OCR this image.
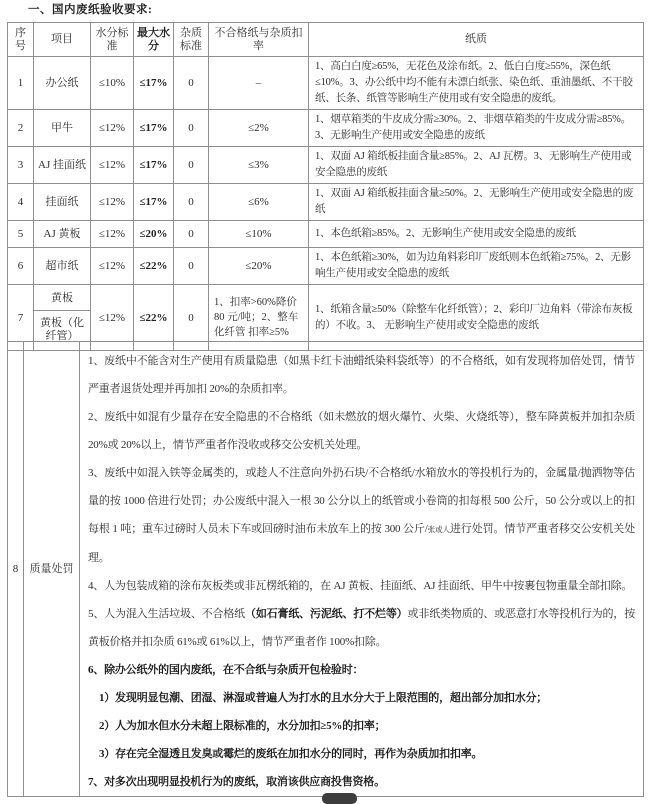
一、国内废纸验收要求:
序号	项目	水分标准	最大水分	杂质标准	不合格纸与杂质扣率	纸质
1	办公纸	≤10%	≤17%	0	–	1、高白白度≥65%，无花色及涂布纸。2、低白白度≥55%，深色纸≤10%。3、办公纸中均不能有未漂白纸张、染色纸、重油墨纸、不干胶纸、长条、纸管等影响生产使用或有安全隐患的废纸。
2	甲牛	≤12%	≤17%	0	≤2%	1、烟草箱类的牛皮成分需≥30%。2、非烟草箱类的牛皮成分需≥85%。3、无影响生产使用或安全隐患的废纸
3	AJ 挂面纸	≤12%	≤17%	0	≤3%	1、双面 AJ 箱纸板挂面含量≥85%。2、AJ 瓦楞。3、无影响生产使用或安全隐患的废纸
4	挂面纸	≤12%	≤17%	0	≤6%	1、双面 AJ 箱纸板挂面含量≥50%。2、无影响生产使用或安全隐患的废纸
5	AJ 黄板	≤12%	≤20%	0	≤10%	1、本色纸箱≥85%。2、无影响生产使用或安全隐患的废纸
6	超市纸	≤12%	≤22%	0	≤20%	1、本色纸箱≥30%，如为边角料彩印厂废纸则本色纸箱≥75%。2、无影响生产使用或安全隐患的废纸
7	黄板
黄板（化纤管）	≤12%	≤22%	0	1、扣率>60%降价 80 元/吨；2、整车化纤管 扣率≥5%	1、纸箱含量≥50%（除整车化纤纸管）；2、彩印厂边角料（带涂布灰板的）不收。3、 无影响生产使用或安全隐患的废纸
8	质量处罚	

1、废纸中不能含对生产使用有质量隐患（如黑卡红卡油蜡纸染料袋纸等）的不合格纸，如有发现将加倍处罚，情节严重者退货处理并再加扣 20%的杂质扣率。

2、废纸中如混有少量存在安全隐患的不合格纸（如未燃放的烟火爆竹、火柴、火烧纸等），整车降黄板并加扣杂质 20%或 20%以上，情节严重者作没收或移交公安机关处理。

3、废纸中如混入铁等金属类的，或趁人不注意向外扔石块/不合格纸/水箱放水的等投机行为的，金属量/抛洒物等估量的按 1000 倍进行处罚；办公废纸中混入一根 30 公分以上的纸管或小卷筒的扣每根 500 公斤，50 公分或以上的扣每根 1 吨；重车过磅时人员未下车或回磅时油布未放车上的按 300 公斤/张或人进行处罚。情节严重者移交公安机关处理。

4、人为包装成箱的涂布灰板类或非瓦楞纸箱的，在 AJ 黄板、挂面纸、AJ 挂面纸、甲牛中按裹包物重量全部扣除。

5、人为混入生活垃圾、不合格纸（如石膏纸、污泥纸、打不烂等）或非纸类物质的、或恶意打水等投机行为的，按黄板价格并扣杂质 61%或 61%以上，情节严重者作 100%扣除。

6、除办公纸外的国内废纸，在不合纸与杂质开包检验时：

1）发现明显包潮、团湿、淋湿或普遍人为打水的且水分大于上限范围的，超出部分加扣水分；

2）人为加水但水分未超上限标准的，水分加扣≥5%的扣率；

3）存在完全湿透且发臭或霉烂的废纸在加扣水分的同时，再作为杂质加扣扣率。

7、对多次出现明显投机行为的废纸，取消该供应商投售资格。
